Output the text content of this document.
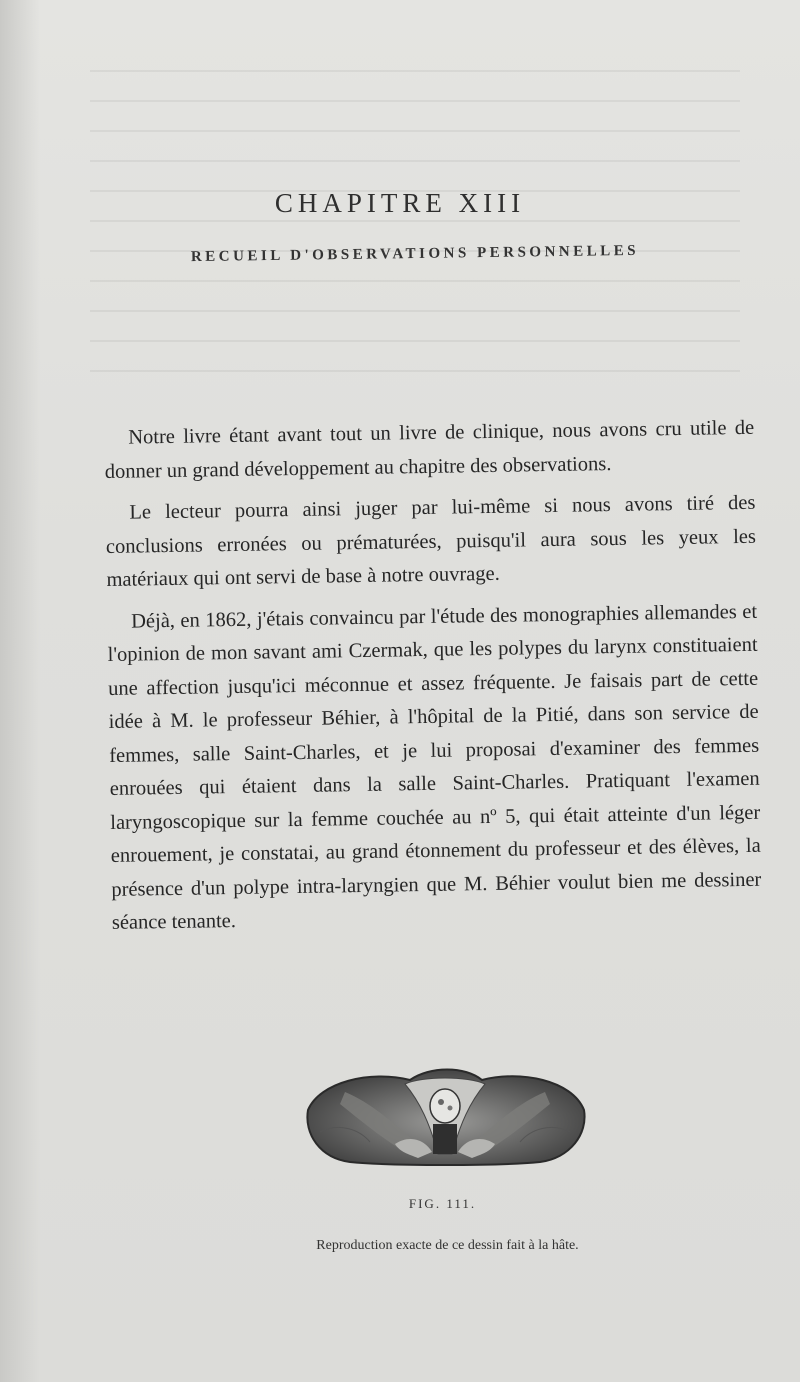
CHAPITRE XIII
RECUEIL D'OBSERVATIONS PERSONNELLES

Notre livre étant avant tout un livre de clinique, nous avons cru utile de donner un grand développement au chapitre des observations.

Le lecteur pourra ainsi juger par lui-même si nous avons tiré des conclusions erronées ou prématurées, puisqu'il aura sous les yeux les matériaux qui ont servi de base à notre ouvrage.

Déjà, en 1862, j'étais convaincu par l'étude des monographies allemandes et l'opinion de mon savant ami Czermak, que les polypes du larynx constituaient une affection jusqu'ici méconnue et assez fréquente. Je faisais part de cette idée à M. le professeur Béhier, à l'hôpital de la Pitié, dans son service de femmes, salle Saint-Charles, et je lui proposai d'examiner des femmes enrouées qui étaient dans la salle Saint-Charles. Pratiquant l'examen laryngoscopique sur la femme couchée au nº 5, qui était atteinte d'un léger enrouement, je constatai, au grand étonnement du professeur et des élèves, la présence d'un polype intra-laryngien que M. Béhier voulut bien me dessiner séance tenante.

FIG. 111.

Reproduction exacte de ce dessin fait à la hâte.
